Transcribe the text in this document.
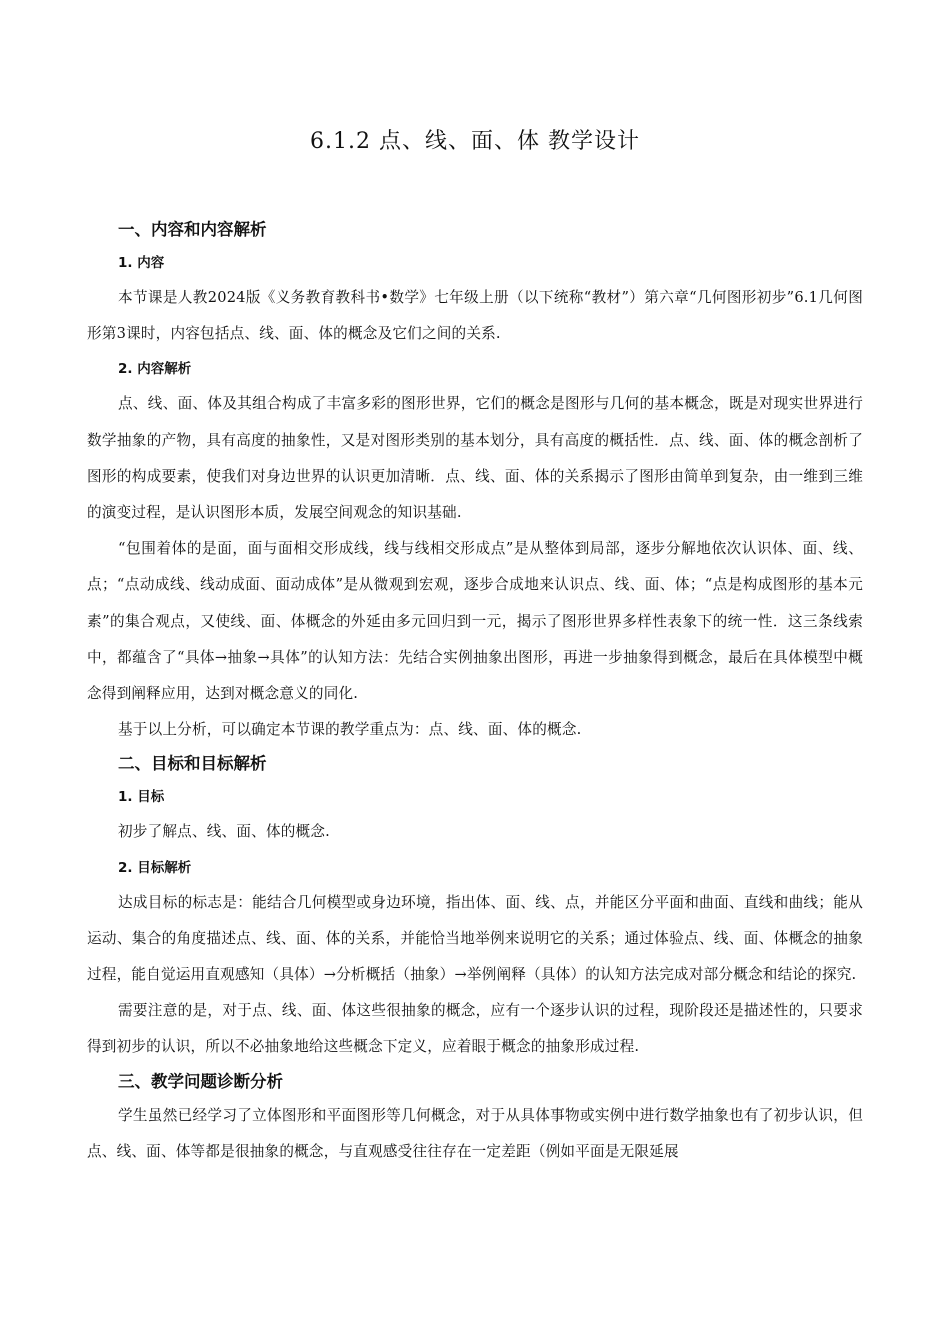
6.1.2 点、线、面、体 教学设计
一、内容和内容解析
1. 内容

本节课是人教2024版《义务教育教科书•数学》七年级上册（以下统称“教材”）第六章“几何图形初步”6.1几何图形第3课时，内容包括点、线、面、体的概念及它们之间的关系.

2. 内容解析

点、线、面、体及其组合构成了丰富多彩的图形世界，它们的概念是图形与几何的基本概念，既是对现实世界进行数学抽象的产物，具有高度的抽象性，又是对图形类别的基本划分，具有高度的概括性．点、线、面、体的概念剖析了图形的构成要素，使我们对身边世界的认识更加清晰．点、线、面、体的关系揭示了图形由简单到复杂，由一维到三维的演变过程，是认识图形本质，发展空间观念的知识基础.

“包围着体的是面，面与面相交形成线，线与线相交形成点”是从整体到局部，逐步分解地依次认识体、面、线、点；“点动成线、线动成面、面动成体”是从微观到宏观，逐步合成地来认识点、线、面、体；“点是构成图形的基本元素”的集合观点，又使线、面、体概念的外延由多元回归到一元，揭示了图形世界多样性表象下的统一性．这三条线索中，都蕴含了“具体→抽象→具体”的认知方法：先结合实例抽象出图形，再进一步抽象得到概念，最后在具体模型中概念得到阐释应用，达到对概念意义的同化.

基于以上分析，可以确定本节课的教学重点为：点、线、面、体的概念.

二、目标和目标解析
1. 目标

初步了解点、线、面、体的概念.

2. 目标解析

达成目标的标志是：能结合几何模型或身边环境，指出体、面、线、点，并能区分平面和曲面、直线和曲线；能从运动、集合的角度描述点、线、面、体的关系，并能恰当地举例来说明它的关系；通过体验点、线、面、体概念的抽象过程，能自觉运用直观感知（具体）→分析概括（抽象）→举例阐释（具体）的认知方法完成对部分概念和结论的探究.

需要注意的是，对于点、线、面、体这些很抽象的概念，应有一个逐步认识的过程，现阶段还是描述性的，只要求得到初步的认识，所以不必抽象地给这些概念下定义，应着眼于概念的抽象形成过程.

三、教学问题诊断分析

学生虽然已经学习了立体图形和平面图形等几何概念，对于从具体事物或实例中进行数学抽象也有了初步认识，但点、线、面、体等都是很抽象的概念，与直观感受往往存在一定差距（例如平面是无限延展
